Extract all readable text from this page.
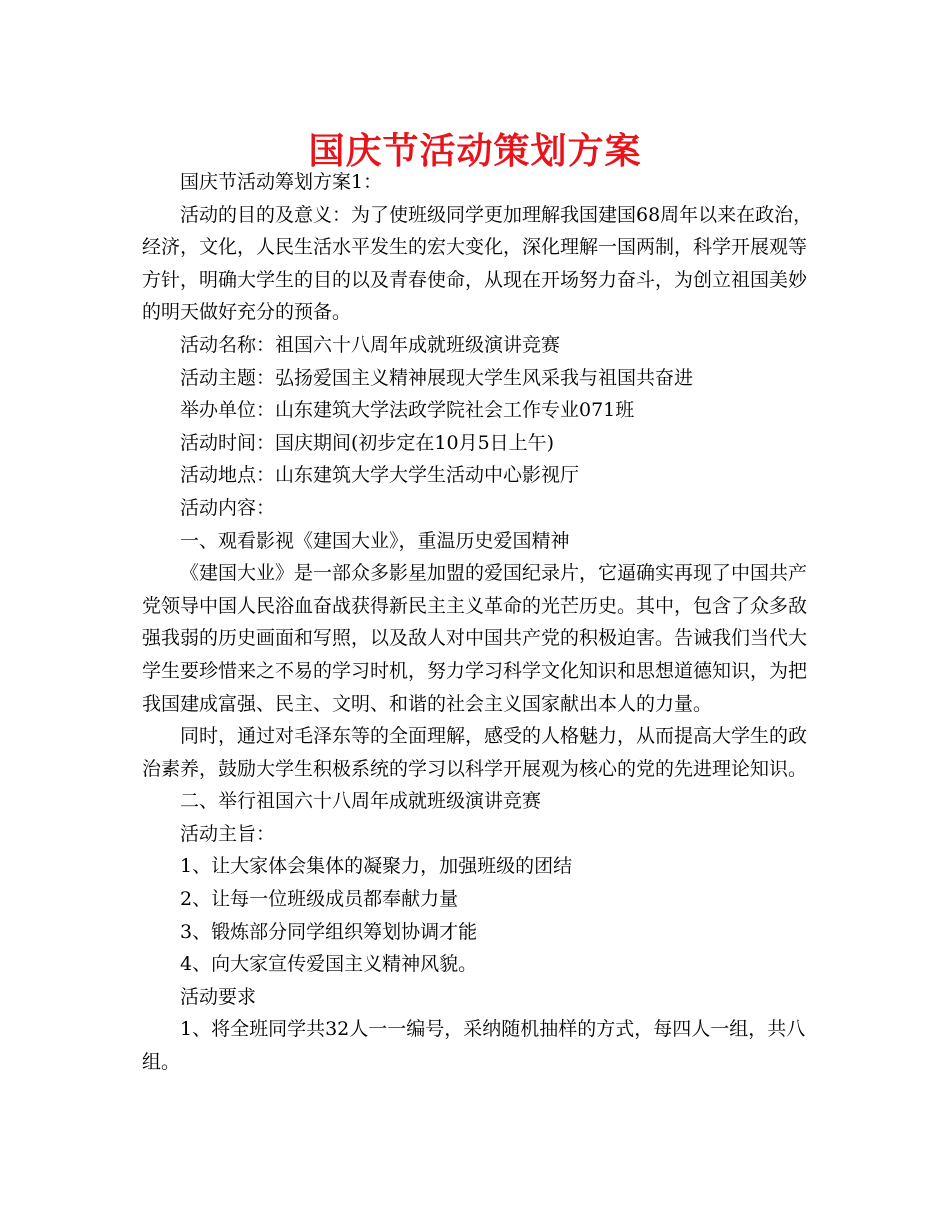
国庆节活动策划方案

国庆节活动筹划方案1：

活动的目的及意义：为了使班级同学更加理解我国建国68周年以来在政治，经济，文化，人民生活水平发生的宏大变化，深化理解一国两制，科学开展观等方针，明确大学生的目的以及青春使命，从现在开场努力奋斗，为创立祖国美妙的明天做好充分的预备。

活动名称：祖国六十八周年成就班级演讲竞赛

活动主题：弘扬爱国主义精神展现大学生风采我与祖国共奋进

举办单位：山东建筑大学法政学院社会工作专业071班

活动时间：国庆期间(初步定在10月5日上午)

活动地点：山东建筑大学大学生活动中心影视厅

活动内容：

一、观看影视《建国大业》，重温历史爱国精神

《建国大业》是一部众多影星加盟的爱国纪录片，它逼确实再现了中国共产党领导中国人民浴血奋战获得新民主主义革命的光芒历史。其中，包含了众多敌强我弱的历史画面和写照，以及敌人对中国共产党的积极迫害。告诫我们当代大学生要珍惜来之不易的学习时机，努力学习科学文化知识和思想道德知识，为把我国建成富强、民主、文明、和谐的社会主义国家献出本人的力量。

同时，通过对毛泽东等的全面理解，感受的人格魅力，从而提高大学生的政治素养，鼓励大学生积极系统的学习以科学开展观为核心的党的先进理论知识。

二、举行祖国六十八周年成就班级演讲竞赛

活动主旨：

1、让大家体会集体的凝聚力，加强班级的团结

2、让每一位班级成员都奉献力量

3、锻炼部分同学组织筹划协调才能

4、向大家宣传爱国主义精神风貌。

活动要求

1、将全班同学共32人一一编号，采纳随机抽样的方式，每四人一组，共八组。
